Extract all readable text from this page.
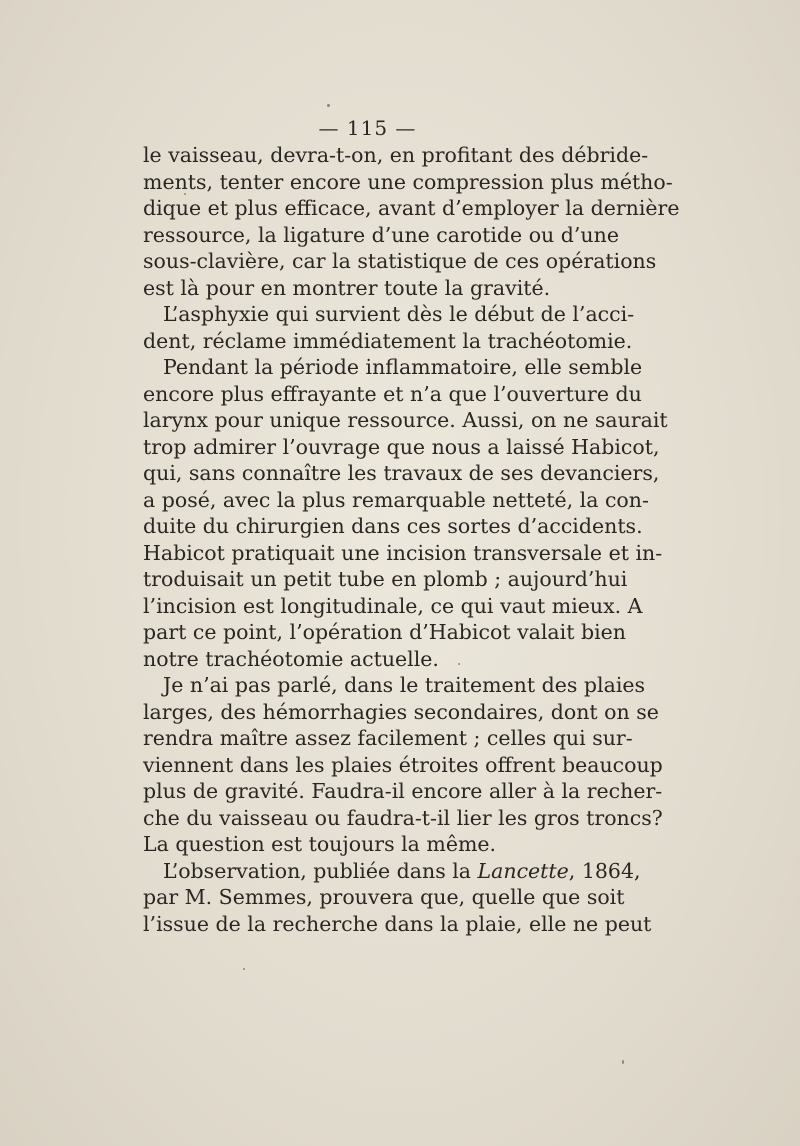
— 115 —
le vaisseau, devra-t-on, en profitant des débride-
ments, tenter encore une compression plus métho-
dique et plus efficace, avant d’employer la dernière
ressource, la ligature d’une carotide ou d’une
sous-clavière, car la statistique de ces opérations
est là pour en montrer toute la gravité.
L’asphyxie qui survient dès le début de l’acci-
dent, réclame immédiatement la trachéotomie.
Pendant la période inflammatoire, elle semble
encore plus effrayante et n’a que l’ouverture du
larynx pour unique ressource. Aussi, on ne saurait
trop admirer l’ouvrage que nous a laissé Habicot,
qui, sans connaître les travaux de ses devanciers,
a posé, avec la plus remarquable netteté, la con-
duite du chirurgien dans ces sortes d’accidents.
Habicot pratiquait une incision transversale et in-
troduisait un petit tube en plomb ; aujourd’hui
l’incision est longitudinale, ce qui vaut mieux. A
part ce point, l’opération d’Habicot valait bien
notre trachéotomie actuelle.
Je n’ai pas parlé, dans le traitement des plaies
larges, des hémorrhagies secondaires, dont on se
rendra maître assez facilement ; celles qui sur-
viennent dans les plaies étroites offrent beaucoup
plus de gravité. Faudra-il encore aller à la recher-
che du vaisseau ou faudra-t-il lier les gros troncs?
La question est toujours la même.
L’observation, publiée dans la Lancette, 1864,
par M. Semmes, prouvera que, quelle que soit
l’issue de la recherche dans la plaie, elle ne peut
